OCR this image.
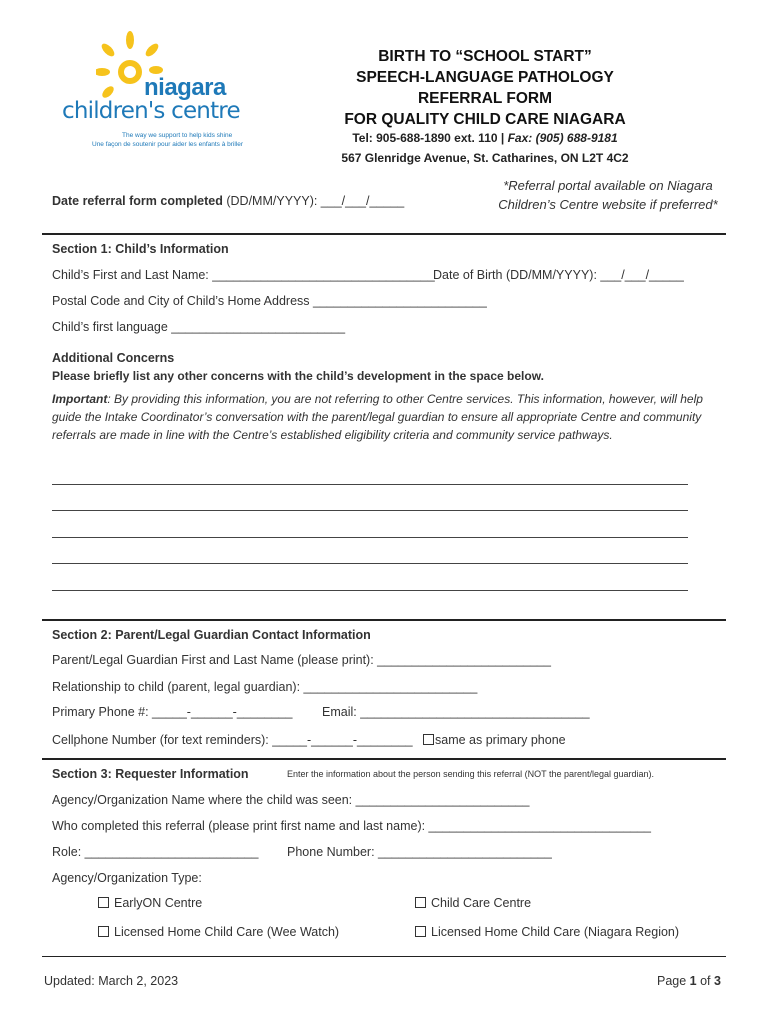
niagara
children's centre
The way we support to help kids shine
Une façon de soutenir pour aider les enfants à briller
BIRTH TO “SCHOOL START”
SPEECH-LANGUAGE PATHOLOGY
REFERRAL FORM
FOR QUALITY CHILD CARE NIAGARA
Tel: 905-688-1890 ext. 110 | Fax: (905) 688-9181
567 Glenridge Avenue, St. Catharines, ON L2T 4C2
Date referral form completed (DD/MM/YYYY): ___/___/_____
*Referral portal available on Niagara Children’s Centre website if preferred*
Section 1: Child’s Information
Child’s First and Last Name: ________________________________
Date of Birth (DD/MM/YYYY): ___/___/_____
Postal Code and City of Child’s Home Address _________________________
Child’s first language _________________________
Additional Concerns
Please briefly list any other concerns with the child’s development in the space below.
Important: By providing this information, you are not referring to other Centre services. This information, however, will help guide the Intake Coordinator’s conversation with the parent/legal guardian to ensure all appropriate Centre and community referrals are made in line with the Centre’s established eligibility criteria and community service pathways.
Section 2: Parent/Legal Guardian Contact Information
Parent/Legal Guardian First and Last Name (please print): _________________________
Relationship to child (parent, legal guardian): _________________________
Primary Phone #: _____-______-________ Email: _________________________________
Cellphone Number (for text reminders): _____-______-________	same as primary phone
Section 3: Requester Information	Enter the information about the person sending this referral (NOT the parent/legal guardian).
Agency/Organization Name where the child was seen: _________________________
Who completed this referral (please print first name and last name): ________________________________
Role: _________________________ Phone Number: _________________________
Agency/Organization Type:
EarlyON Centre	Child Care Centre
Licensed Home Child Care (Wee Watch)	Licensed Home Child Care (Niagara Region)
Updated: March 2, 2023	Page 1 of 3
